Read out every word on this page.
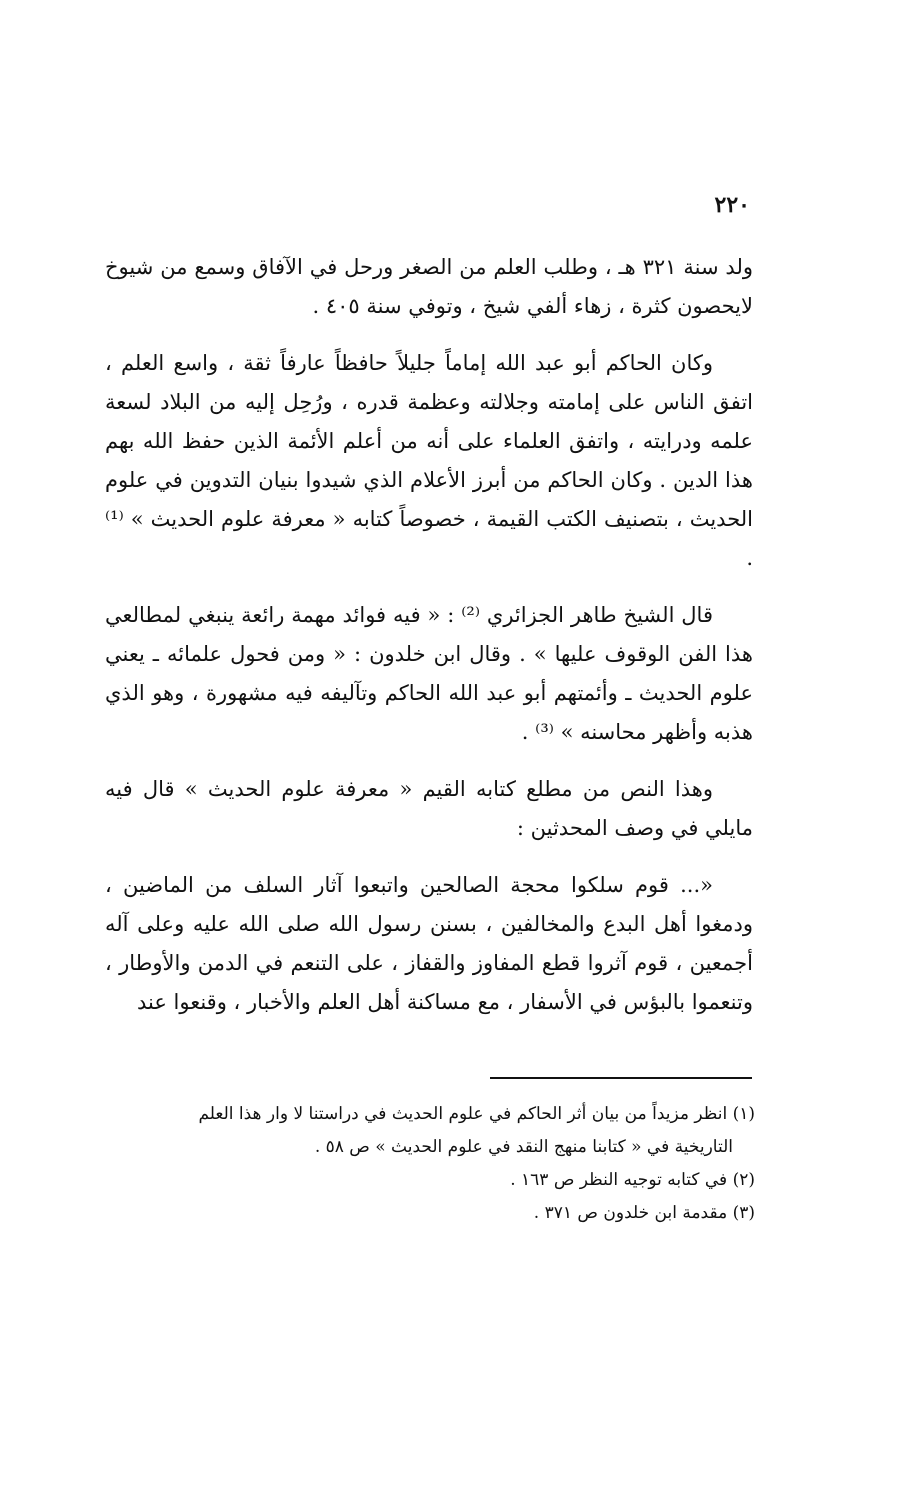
٢٢٠

ولد سنة ٣٢١ هـ ، وطلب العلم من الصغر ورحل في الآفاق وسمع من شيوخ لايحصون كثرة ، زهاء ألفي شيخ ، وتوفي سنة ٤٠٥ .

وكان الحاكم أبو عبد الله إماماً جليلاً حافظاً عارفاً ثقة ، واسع العلم ، اتفق الناس على إمامته وجلالته وعظمة قدره ، ورُحِل إليه من البلاد لسعة علمه ودرايته ، واتفق العلماء على أنه من أعلم الأئمة الذين حفظ الله بهم هذا الدين . وكان الحاكم من أبرز الأعلام الذي شيدوا بنيان التدوين في علوم الحديث ، بتصنيف الكتب القيمة ، خصوصاً كتابه « معرفة علوم الحديث » ⁽¹⁾ .

قال الشيخ طاهر الجزائري ⁽²⁾ : « فيه فوائد مهمة رائعة ينبغي لمطالعي هذا الفن الوقوف عليها » . وقال ابن خلدون : « ومن فحول علمائه ـ يعني علوم الحديث ـ وأئمتهم أبو عبد الله الحاكم وتآليفه فيه مشهورة ، وهو الذي هذبه وأظهر محاسنه » ⁽³⁾ .

وهذا النص من مطلع كتابه القيم « معرفة علوم الحديث » قال فيه مايلي في وصف المحدثين :

«... قوم سلكوا محجة الصالحين واتبعوا آثار السلف من الماضين ، ودمغوا أهل البدع والمخالفين ، بسنن رسول الله صلى الله عليه وعلى آله أجمعين ، قوم آثروا قطع المفاوز والقفاز ، على التنعم في الدمن والأوطار ، وتنعموا بالبؤس في الأسفار ، مع مساكنة أهل العلم والأخبار ، وقنعوا عند

(١) انظر مزيداً من بيان أثر الحاكم في علوم الحديث في دراستنا لا وار هذا العلم

التاريخية في « كتابنا منهج النقد في علوم الحديث » ص ٥٨ .

(٢) في كتابه توجيه النظر ص ١٦٣ .

(٣) مقدمة ابن خلدون ص ٣٧١ .
